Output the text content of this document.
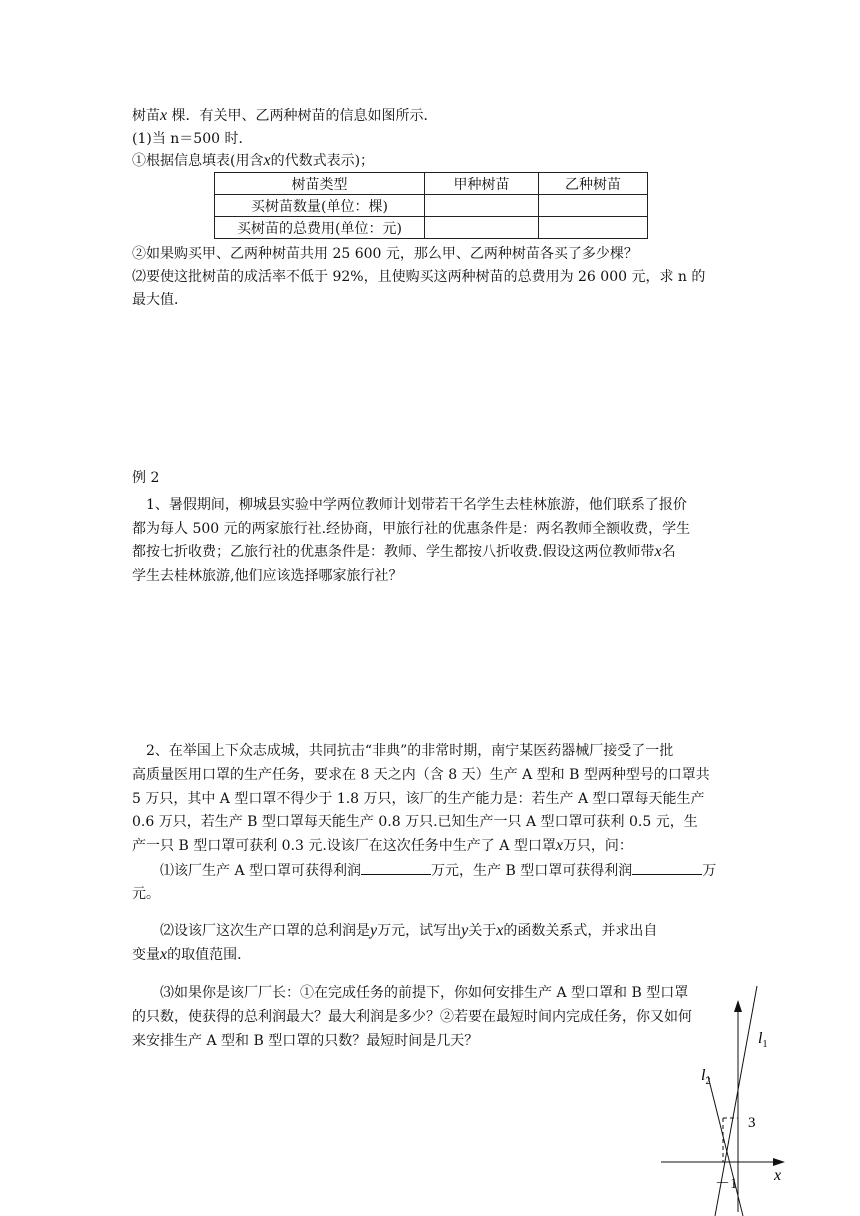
树苗x 棵．有关甲、乙两种树苗的信息如图所示．
(1)当 n＝500 时．
①根据信息填表(用含x的代数式表示)；
树苗类型	甲种树苗	乙种树苗
买树苗数量(单位：棵)		
买树苗的总费用(单位：元)		
②如果购买甲、乙两种树苗共用 25 600 元，那么甲、乙两种树苗各买了多少棵？
⑵要使这批树苗的成活率不低于 92%，且使购买这两种树苗的总费用为 26 000 元，求 n 的
最大值．
例 2
1、暑假期间，柳城县实验中学两位教师计划带若干名学生去桂林旅游，他们联系了报价
都为每人 500 元的两家旅行社.经协商，甲旅行社的优惠条件是：两名教师全额收费，学生
都按七折收费；乙旅行社的优惠条件是：教师、学生都按八折收费.假设这两位教师带x名
学生去桂林旅游,他们应该选择哪家旅行社？
2、在举国上下众志成城，共同抗击“非典”的非常时期，南宁某医药器械厂接受了一批
高质量医用口罩的生产任务，要求在 8 天之内（含 8 天）生产 A 型和 B 型两种型号的口罩共
5 万只，其中 A 型口罩不得少于 1.8 万只，该厂的生产能力是：若生产 A 型口罩每天能生产
0.6 万只，若生产 B 型口罩每天能生产 0.8 万只.已知生产一只 A 型口罩可获利 0.5 元，生
产一只 B 型口罩可获利 0.3 元.设该厂在这次任务中生产了 A 型口罩x万只，问：
⑴该厂生产 A 型口罩可获得利润	万元，生产 B 型口罩可获得利润	万
元。
⑵设该厂这次生产口罩的总利润是y万元，试写出y关于x的函数关系式，并求出自
变量x的取值范围.
⑶如果你是该厂厂长：①在完成任务的前提下，你如何安排生产 A 型口罩和 B 型口罩
的只数，使获得的总利润最大？最大利润是多少？②若要在最短时间内完成任务，你又如何
来安排生产 A 型和 B 型口罩的只数？最短时间是几天？	$l_1$
$l_2$
3
－1 x
